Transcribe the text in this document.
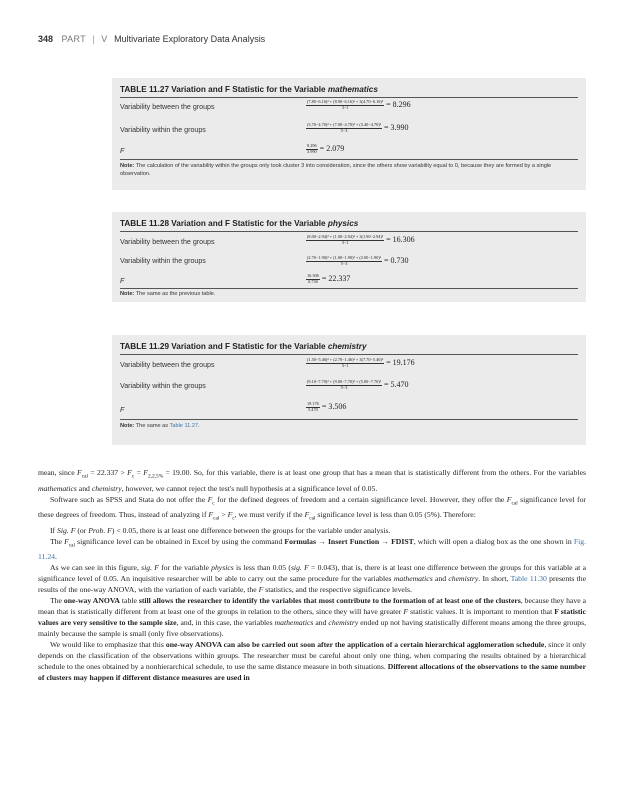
348 PART | V Multivariate Exploratory Data Analysis
TABLE 11.27 Variation and F Statistic for the Variable mathematics
Variability between the groups	$\frac{\text{(7.80−6.16)² + (8.90−6.16)² + 3(4.70−6.16)²}}{3-1} = 8.296$
Variability within the groups	$\frac{\text{(3.70−4.70)² + (7.00−4.70)² + (3.40−4.70)²}}{5-3} = 3.990$
F	$\frac{8.296}{3.990} = 2.079$
Note: The calculation of the variability within the groups only took cluster 3 into consideration, since the others show variability equal to 0, because they are formed by a single observation.
TABLE 11.28 Variation and F Statistic for the Variable physics
Variability between the groups	$\frac{\text{(8.00−2.94)² + (1.00−2.94)² + 3(1.90−2.94)²}}{3-1} = 16.306$
Variability within the groups	$\frac{\text{(2.70−1.90)² + (1.00−1.90)² + (2.00−1.90)²}}{5-3} = 0.730$
F	$\frac{16.306}{0.730} = 22.337$
Note: The same as the previous table.
TABLE 11.29 Variation and F Statistic for the Variable chemistry
Variability between the groups	$\frac{\text{(1.50−5.46)² + (2.70−1.46)² + 3(7.70−5.46)²}}{3-1} = 19.176$
Variability within the groups	$\frac{\text{(9.10−7.70)² + (9.00−7.70)² + (5.00−7.70)²}}{5-3} = 5.470$
F	$\frac{19.176}{5.470} = 3.506$
Note: The same as Table 11.27.

mean, since $F_{cal} = 22.337 > F_c = F_{2,2,5\%} = 19.00$. So, for this variable, there is at least one group that has a mean that is statistically different from the others. For the variables mathematics and chemistry, however, we cannot reject the test's null hypothesis at a significance level of 0.05.

Software such as SPSS and Stata do not offer the $F_c$ for the defined degrees of freedom and a certain significance level. However, they offer the $F_{cal}$ significance level for these degrees of freedom. Thus, instead of analyzing if $F_{cal} > F_c$, we must verify if the $F_{cal}$ significance level is less than 0.05 (5%). Therefore:

If Sig. F (or Prob. F) < 0.05, there is at least one difference between the groups for the variable under analysis.

The $F_{cal}$ significance level can be obtained in Excel by using the command Formulas → Insert Function → FDIST, which will open a dialog box as the one shown in Fig. 11.24.

As we can see in this figure, sig. F for the variable physics is less than 0.05 (sig. F = 0.043), that is, there is at least one difference between the groups for this variable at a significance level of 0.05. An inquisitive researcher will be able to carry out the same procedure for the variables mathematics and chemistry. In short, Table 11.30 presents the results of the one-way ANOVA, with the variation of each variable, the F statistics, and the respective significance levels.

The one-way ANOVA table still allows the researcher to identify the variables that most contribute to the formation of at least one of the clusters, because they have a mean that is statistically different from at least one of the groups in relation to the others, since they will have greater F statistic values. It is important to mention that F statistic values are very sensitive to the sample size, and, in this case, the variables mathematics and chemistry ended up not having statistically different means among the three groups, mainly because the sample is small (only five observations).

We would like to emphasize that this one-way ANOVA can also be carried out soon after the application of a certain hierarchical agglomeration schedule, since it only depends on the classification of the observations within groups. The researcher must be careful about only one thing, when comparing the results obtained by a hierarchical schedule to the ones obtained by a nonhierarchical schedule, to use the same distance measure in both situations. Different allocations of the observations to the same number of clusters may happen if different distance measures are used in
